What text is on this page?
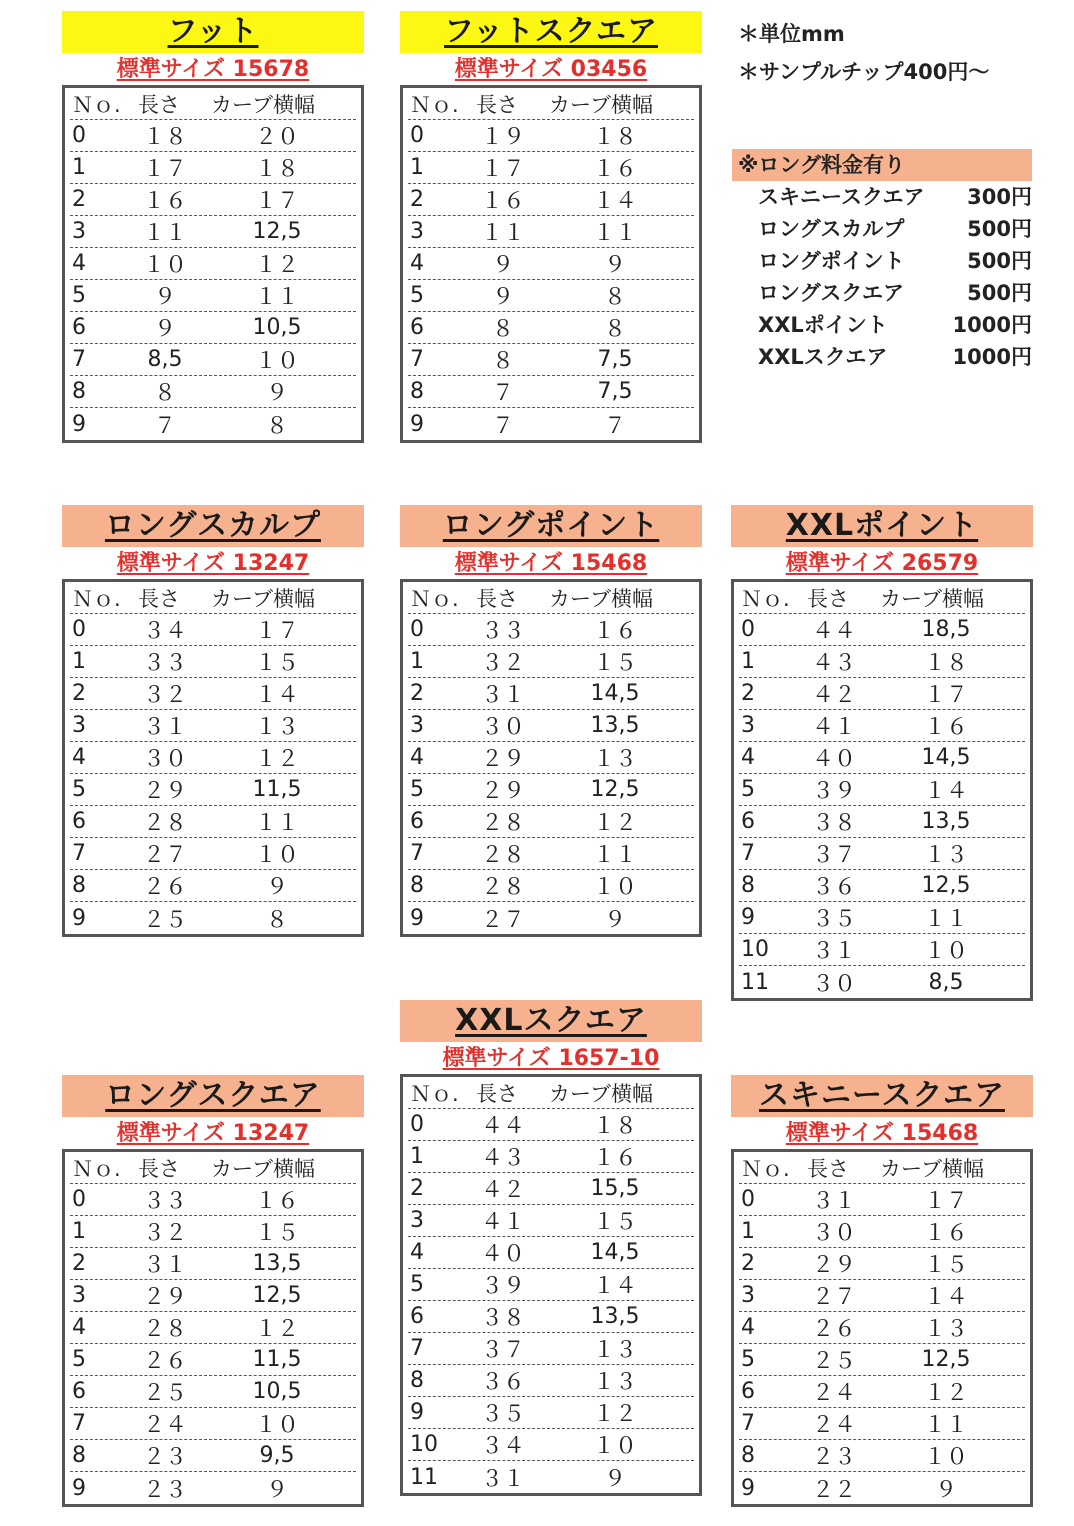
＊単位mm
＊サンプルチップ400円～
※ロング料金有り
スキニースクエア	300円
ロングスカルプ	500円
ロングポイント	500円
ロングスクエア	500円
XXLポイント	1000円
XXLスクエア	1000円
フット
標準サイズ 15678
Ｎｏ. 長さ	カーブ横幅
0	１８	２０
1	１７	１８
2	１６	１７
3	１１	12,5
4	１０	１２
5	９	１１
6	９	10,5
7	8,5	１０
8	８	９
9	７	８
フットスクエア
標準サイズ 03456
Ｎｏ. 長さ	カーブ横幅
0	１９	１８
1	１７	１６
2	１６	１４
3	１１	１１
4	９	９
5	９	８
6	８	８
7	８	7,5
8	７	7,5
9	７	７
ロングスカルプ
標準サイズ 13247
Ｎｏ. 長さ	カーブ横幅
0	３４	１７
1	３３	１５
2	３２	１４
3	３１	１３
4	３０	１２
5	２９	11,5
6	２８	１１
7	２７	１０
8	２６	９
9	２５	８
ロングポイント
標準サイズ 15468
Ｎｏ. 長さ	カーブ横幅
0	３３	１６
1	３２	１５
2	３１	14,5
3	３０	13,5
4	２９	１３
5	２９	12,5
6	２８	１２
7	２８	１１
8	２８	１０
9	２７	９
XXLポイント
標準サイズ 26579
Ｎｏ. 長さ	カーブ横幅
0	４４	18,5
1	４３	１８
2	４２	１７
3	４１	１６
4	４０	14,5
5	３９	１４
6	３８	13,5
7	３７	１３
8	３６	12,5
9	３５	１１
10	３１	１０
11	３０	8,5
XXLスクエア
標準サイズ 1657-10
Ｎｏ. 長さ	カーブ横幅
0	４４	１８
1	４３	１６
2	４２	15,5
3	４１	１５
4	４０	14,5
5	３９	１４
6	３８	13,5
7	３７	１３
8	３６	１３
9	３５	１２
10	３４	１０
11	３１	９
ロングスクエア
標準サイズ 13247
Ｎｏ. 長さ	カーブ横幅
0	３３	１６
1	３２	１５
2	３１	13,5
3	２９	12,5
4	２８	１２
5	２６	11,5
6	２５	10,5
7	２４	１０
8	２３	9,5
9	２３	９
スキニースクエア
標準サイズ 15468
Ｎｏ. 長さ	カーブ横幅
0	３１	１７
1	３０	１６
2	２９	１５
3	２７	１４
4	２６	１３
5	２５	12,5
6	２４	１２
7	２４	１１
8	２３	１０
9	２２	９
